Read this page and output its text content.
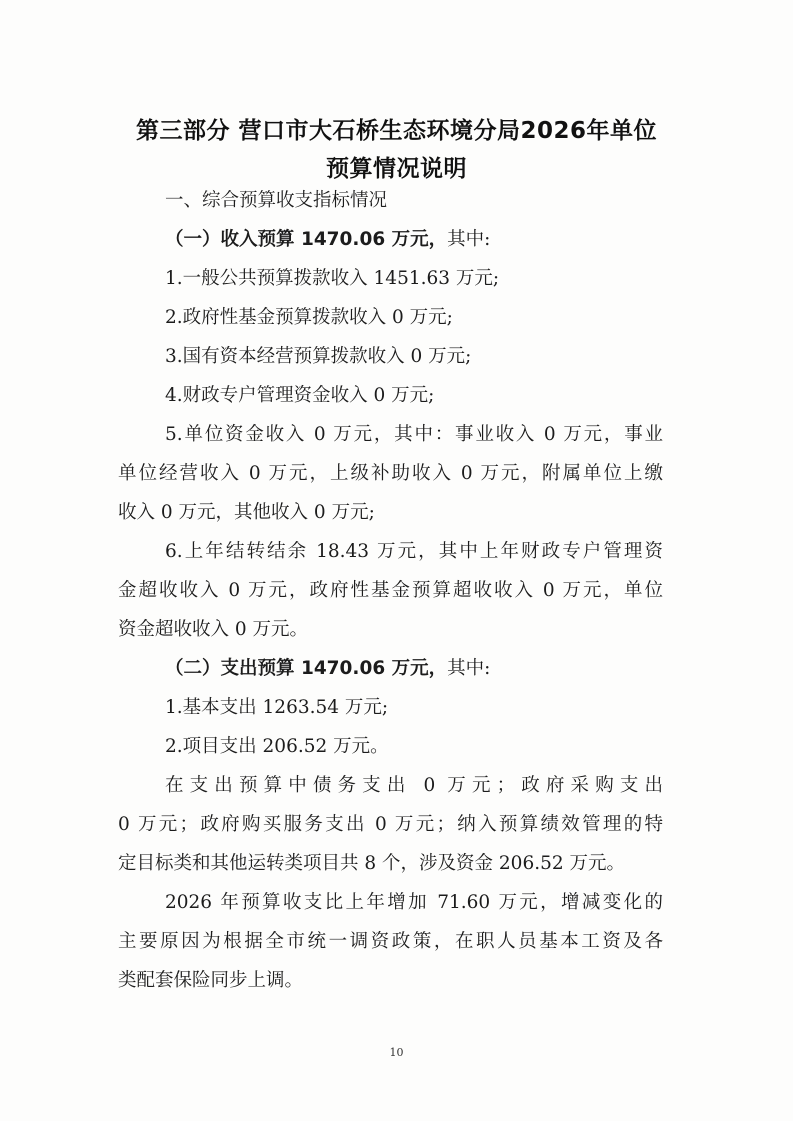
第三部分 营口市大石桥生态环境分局2026年单位
预算情况说明
一、综合预算收支指标情况
（一）收入预算 1470.06 万元，其中:
1.一般公共预算拨款收入 1451.63 万元;
2.政府性基金预算拨款收入 0 万元;
3.国有资本经营预算拨款收入 0 万元;
4.财政专户管理资金收入 0 万元;
5.单位资金收入 0 万元，其中：事业收入 0 万元，事业
单位经营收入 0 万元，上级补助收入 0 万元，附属单位上缴
收入 0 万元，其他收入 0 万元;
6.上年结转结余 18.43 万元，其中上年财政专户管理资
金超收收入 0 万元，政府性基金预算超收收入 0 万元，单位
资金超收收入 0 万元。
（二）支出预算 1470.06 万元，其中:
1.基本支出 1263.54 万元;
2.项目支出 206.52 万元。
在支出预算中债务支出 0 万元；政府采购支出
0 万元；政府购买服务支出 0 万元；纳入预算绩效管理的特
定目标类和其他运转类项目共 8 个，涉及资金 206.52 万元。
2026 年预算收支比上年增加 71.60 万元，增减变化的
主要原因为根据全市统一调资政策，在职人员基本工资及各
类配套保险同步上调。
10
